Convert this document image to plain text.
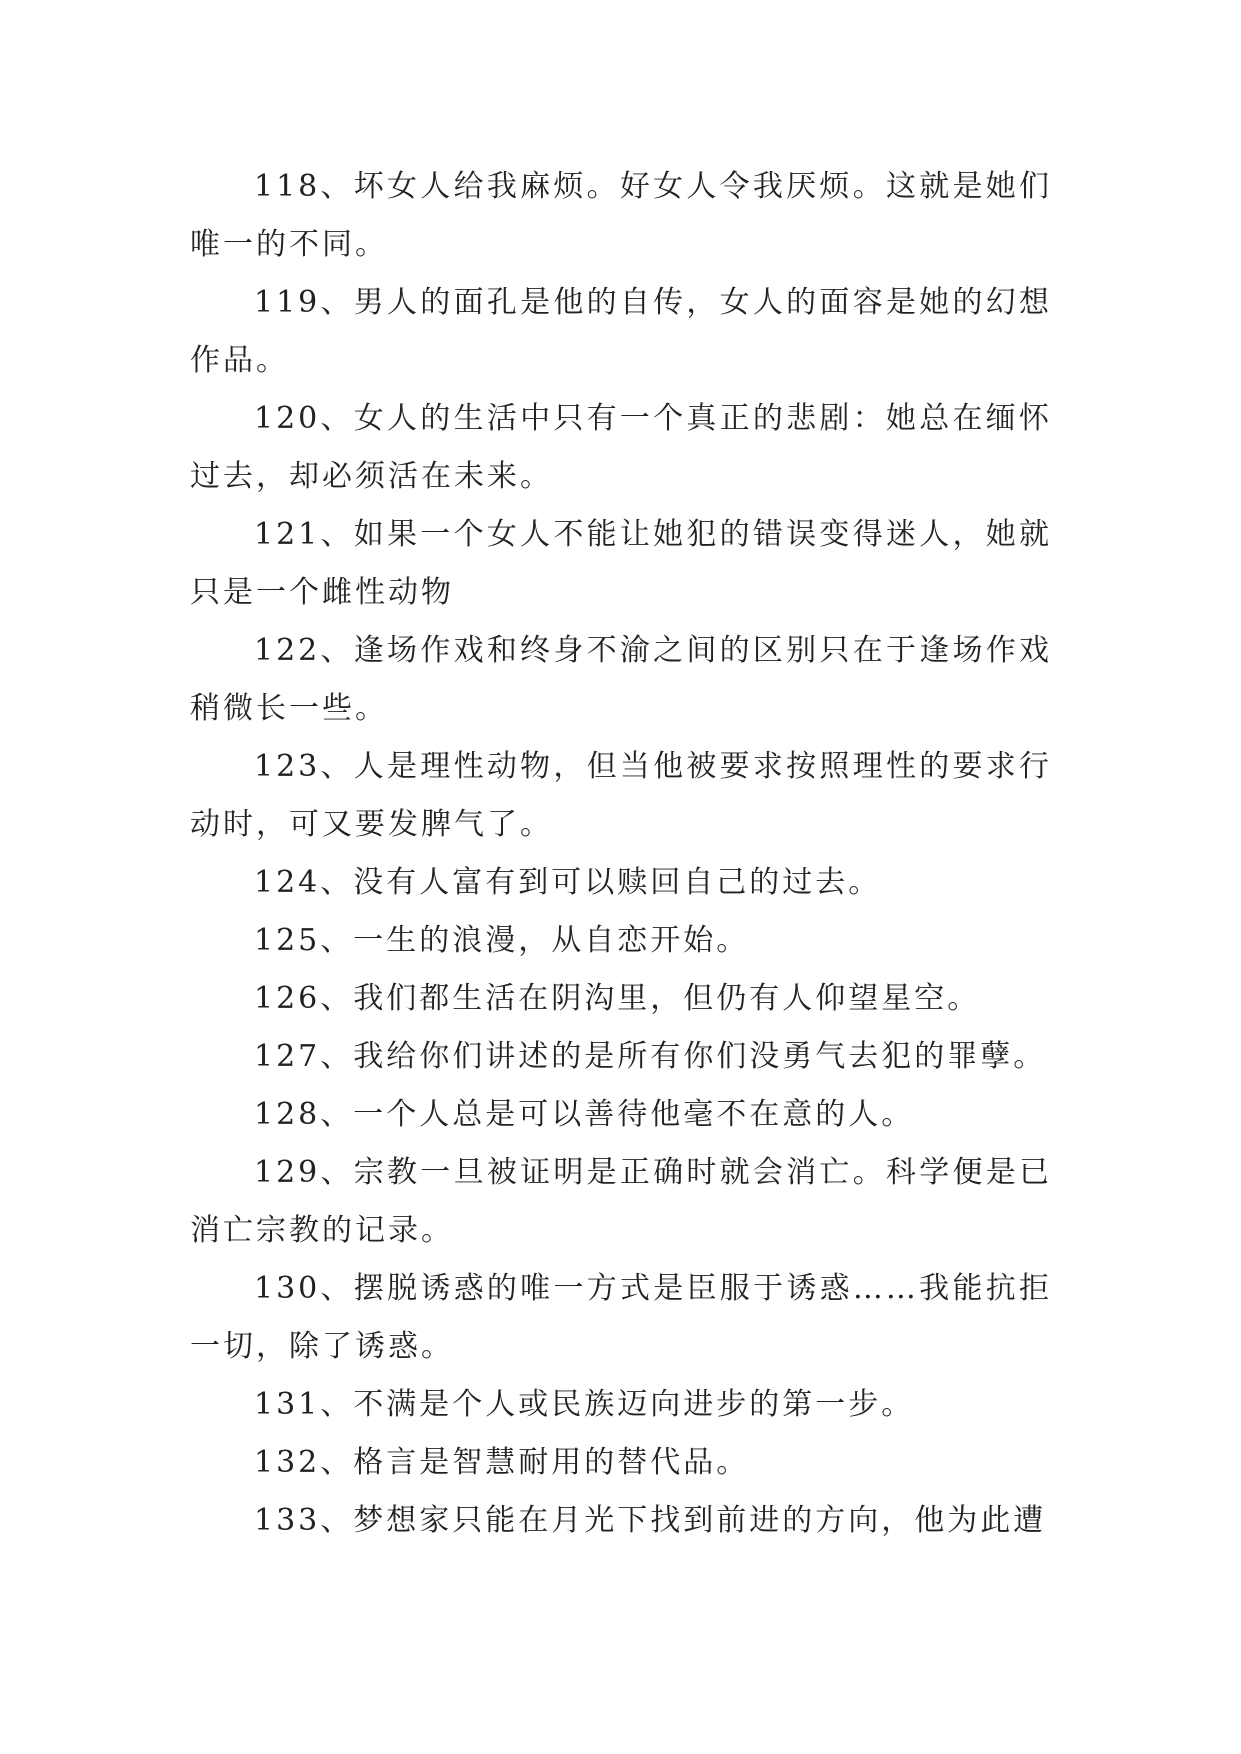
118、坏女人给我麻烦。好女人令我厌烦。这就是她们唯一的不同。

119、男人的面孔是他的自传，女人的面容是她的幻想作品。

120、女人的生活中只有一个真正的悲剧：她总在缅怀过去，却必须活在未来。

121、如果一个女人不能让她犯的错误变得迷人，她就只是一个雌性动物

122、逢场作戏和终身不渝之间的区别只在于逢场作戏稍微长一些。

123、人是理性动物，但当他被要求按照理性的要求行动时，可又要发脾气了。

124、没有人富有到可以赎回自己的过去。

125、一生的浪漫，从自恋开始。

126、我们都生活在阴沟里，但仍有人仰望星空。

127、我给你们讲述的是所有你们没勇气去犯的罪孽。

128、一个人总是可以善待他毫不在意的人。

129、宗教一旦被证明是正确时就会消亡。科学便是已消亡宗教的记录。

130、摆脱诱惑的唯一方式是臣服于诱惑……我能抗拒一切，除了诱惑。

131、不满是个人或民族迈向进步的第一步。

132、格言是智慧耐用的替代品。

133、梦想家只能在月光下找到前进的方向，他为此遭
